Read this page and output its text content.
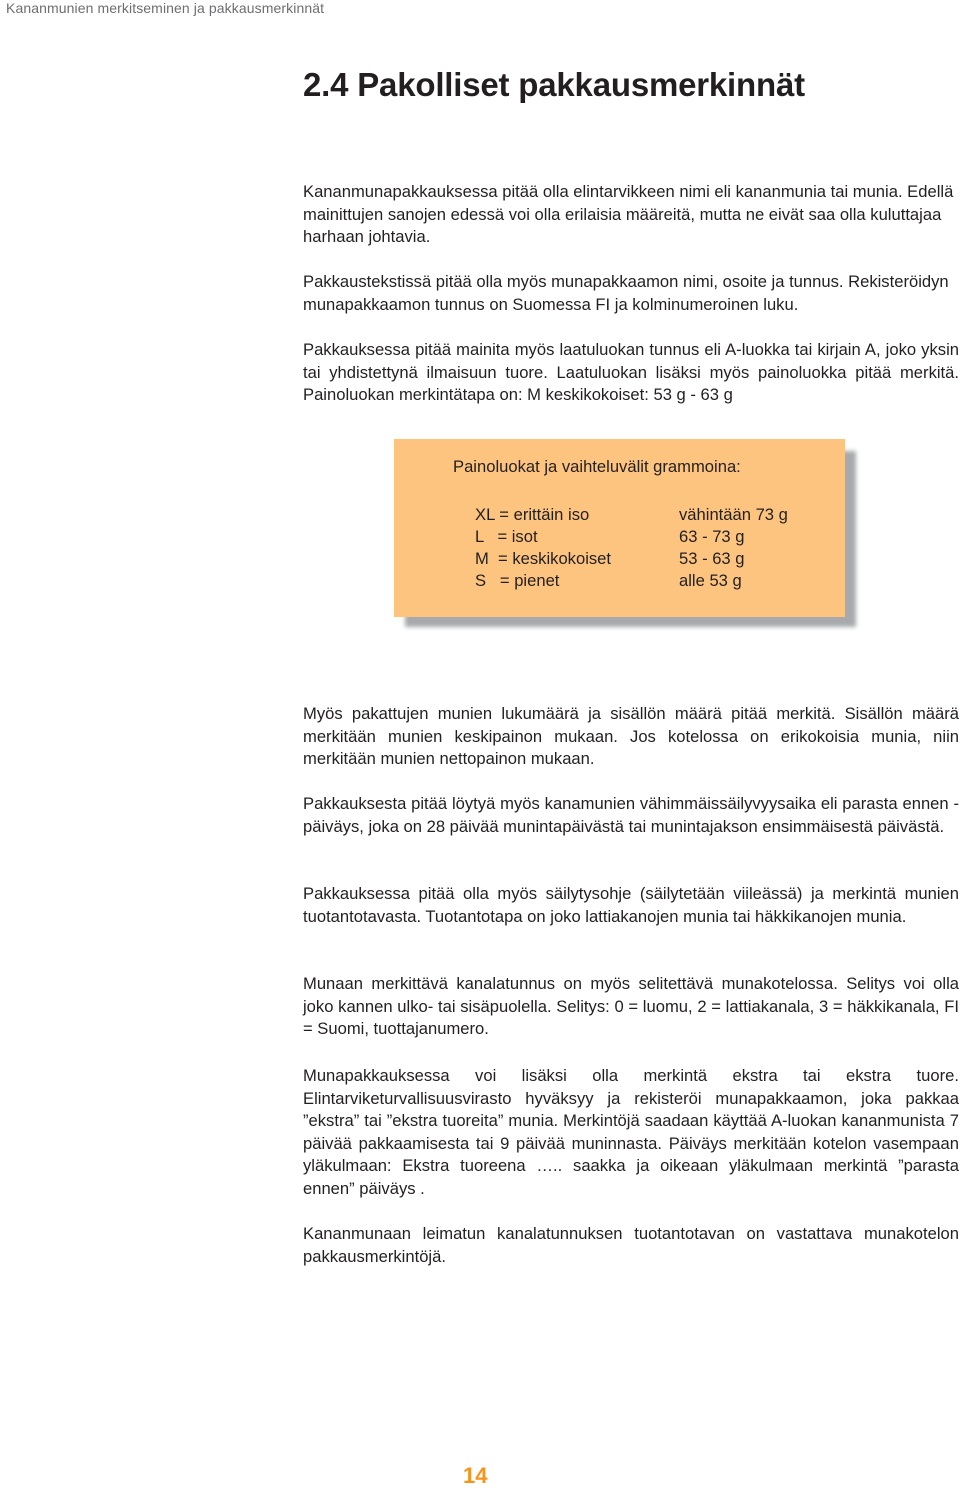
Kananmunien merkitseminen ja pakkausmerkinnät
2.4 Pakolliset pakkausmerkinnät

Kananmunapakkauksessa pitää olla elintarvikkeen nimi eli kananmunia tai munia. Edellä mainittujen sanojen edessä voi olla erilaisia määreitä, mutta ne eivät saa olla kuluttajaa harhaan johtavia.

Pakkaustekstissä pitää olla myös munapakkaamon nimi, osoite ja tunnus. Rekisteröidyn munapakkaamon tunnus on Suomessa FI ja kolminumeroinen luku.

Pakkauksessa pitää mainita myös laatuluokan tunnus eli A-luokka tai kirjain A, joko yksin tai yhdistettynä ilmaisuun tuore. Laatuluokan lisäksi myös painoluokka pitää merkitä. Painoluokan merkintätapa on: M keskikokoiset: 53 g - 63 g

Painoluokat ja vaihteluvälit grammoina:

XL = erittäin iso	vähintään 73 g
L   = isot	63 - 73 g
M  = keskikokoiset	53 - 63 g
S   = pienet	alle 53 g

Myös pakattujen munien lukumäärä ja sisällön määrä pitää merkitä. Sisällön määrä merkitään munien keskipainon mukaan. Jos kotelossa on erikokoisia munia, niin merkitään munien nettopainon mukaan.

Pakkauksesta pitää löytyä myös kanamunien vähimmäissäilyvyysaika eli parasta ennen -päiväys, joka on 28 päivää munintapäivästä tai munintajakson ensimmäisestä päivästä.

Pakkauksessa pitää olla myös säilytysohje (säilytetään viileässä) ja merkintä munien tuotantotavasta. Tuotantotapa on joko lattiakanojen munia tai häkkikanojen munia.

Munaan merkittävä kanalatunnus on myös selitettävä munakotelossa. Selitys voi olla joko kannen ulko- tai sisäpuolella. Selitys: 0 = luomu, 2 = lattiakanala, 3 = häkkikanala, FI = Suomi, tuottajanumero.

Munapakkauksessa voi lisäksi olla merkintä ekstra tai ekstra tuore. Elintarviketurvallisuusvirasto hyväksyy ja rekisteröi munapakkaamon, joka pakkaa ”ekstra” tai ”ekstra tuoreita” munia. Merkintöjä saadaan käyttää A-luokan kananmunista 7 päivää pakkaamisesta tai 9 päivää muninnasta. Päiväys merkitään kotelon vasempaan yläkulmaan: Ekstra tuoreena ….. saakka ja oikeaan yläkulmaan merkintä ”parasta ennen” päiväys .

Kananmunaan leimatun kanalatunnuksen tuotantotavan on vastattava munakotelon pakkausmerkintöjä.

14
